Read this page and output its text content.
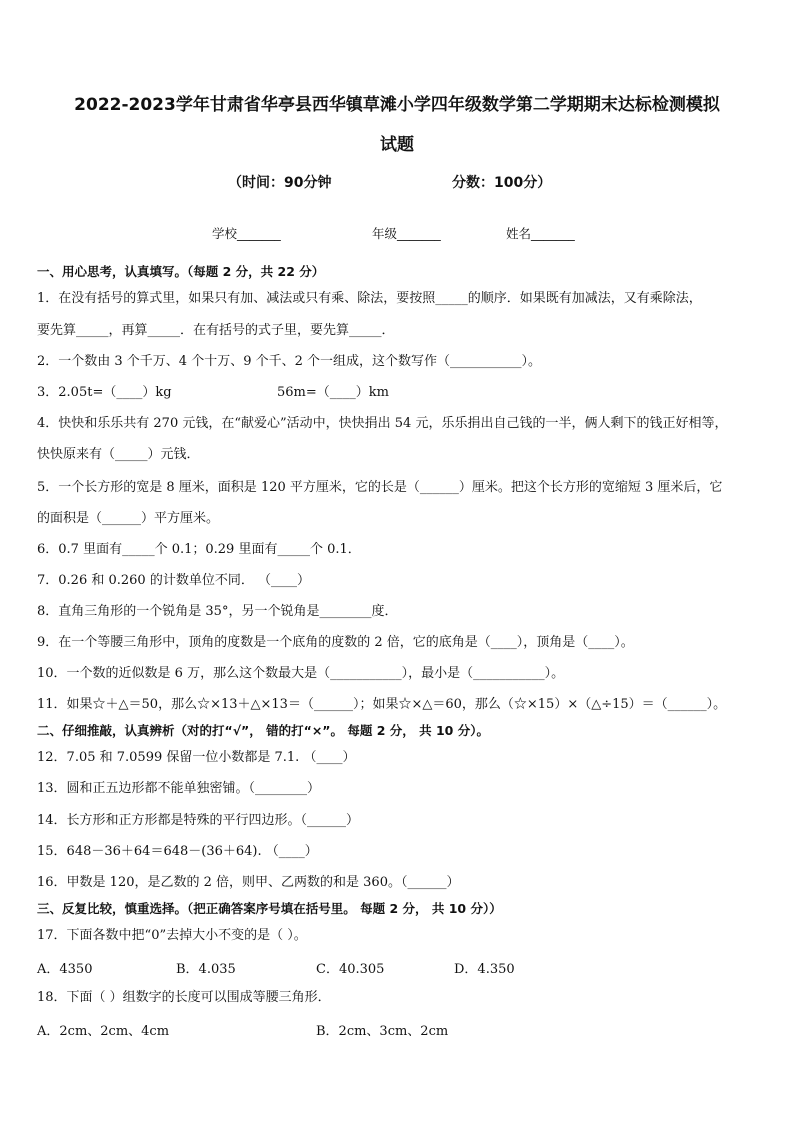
2022-2023学年甘肃省华亭县西华镇草滩小学四年级数学第二学期期末达标检测模拟
试题
（时间：90分钟	分数：100分）
学校_______	年级_______	姓名_______
一、用心思考，认真填写。（每题 2 分，共 22 分）
1．在没有括号的算式里，如果只有加、减法或只有乘、除法，要按照_____的顺序．如果既有加减法，又有乘除法，
要先算_____，再算_____．在有括号的式子里，要先算_____．
2．一个数由 3 个千万、4 个十万、9 个千、2 个一组成，这个数写作（___________）。
3．2.05t=（____）kg	56m=（____）km
4．快快和乐乐共有 270 元钱，在“献爱心”活动中，快快捐出 54 元，乐乐捐出自己钱的一半，俩人剩下的钱正好相等，
快快原来有（_____）元钱．
5．一个长方形的宽是 8 厘米，面积是 120 平方厘米，它的长是（______）厘米。把这个长方形的宽缩短 3 厘米后，它
的面积是（______）平方厘米。
6．0.7 里面有_____个 0.1；0.29 里面有_____个 0.1．
7．0.26 和 0.260 的计数单位不同． （____）
8．直角三角形的一个锐角是 35°，另一个锐角是________度．
9．在一个等腰三角形中，顶角的度数是一个底角的度数的 2 倍，它的底角是（____），顶角是（____）。
10．一个数的近似数是 6 万，那么这个数最大是（___________），最小是（___________）。
11．如果☆＋△＝50，那么☆×13＋△×13＝（______）；如果☆×△＝60，那么（☆×15）×（△÷15）＝（______）。
二、仔细推敲，认真辨析（对的打“√”， 错的打“×”。 每题 2 分， 共 10 分）。
12．7.05 和 7.0599 保留一位小数都是 7.1. （____）
13．圆和正五边形都不能单独密铺。（________）
14．长方形和正方形都是特殊的平行四边形。（______）
15．648－36＋64＝648－(36＋64). （____）
16．甲数是 120，是乙数的 2 倍，则甲、乙两数的和是 360。（______）
三、反复比较，慎重选择。（把正确答案序号填在括号里。 每题 2 分， 共 10 分））
17．下面各数中把“0”去掉大小不变的是（ ）。
A．4350	B．4.035	C．40.305	D．4.350
18．下面（ ）组数字的长度可以围成等腰三角形．
A．2cm、2cm、4cm	B．2cm、3cm、2cm
